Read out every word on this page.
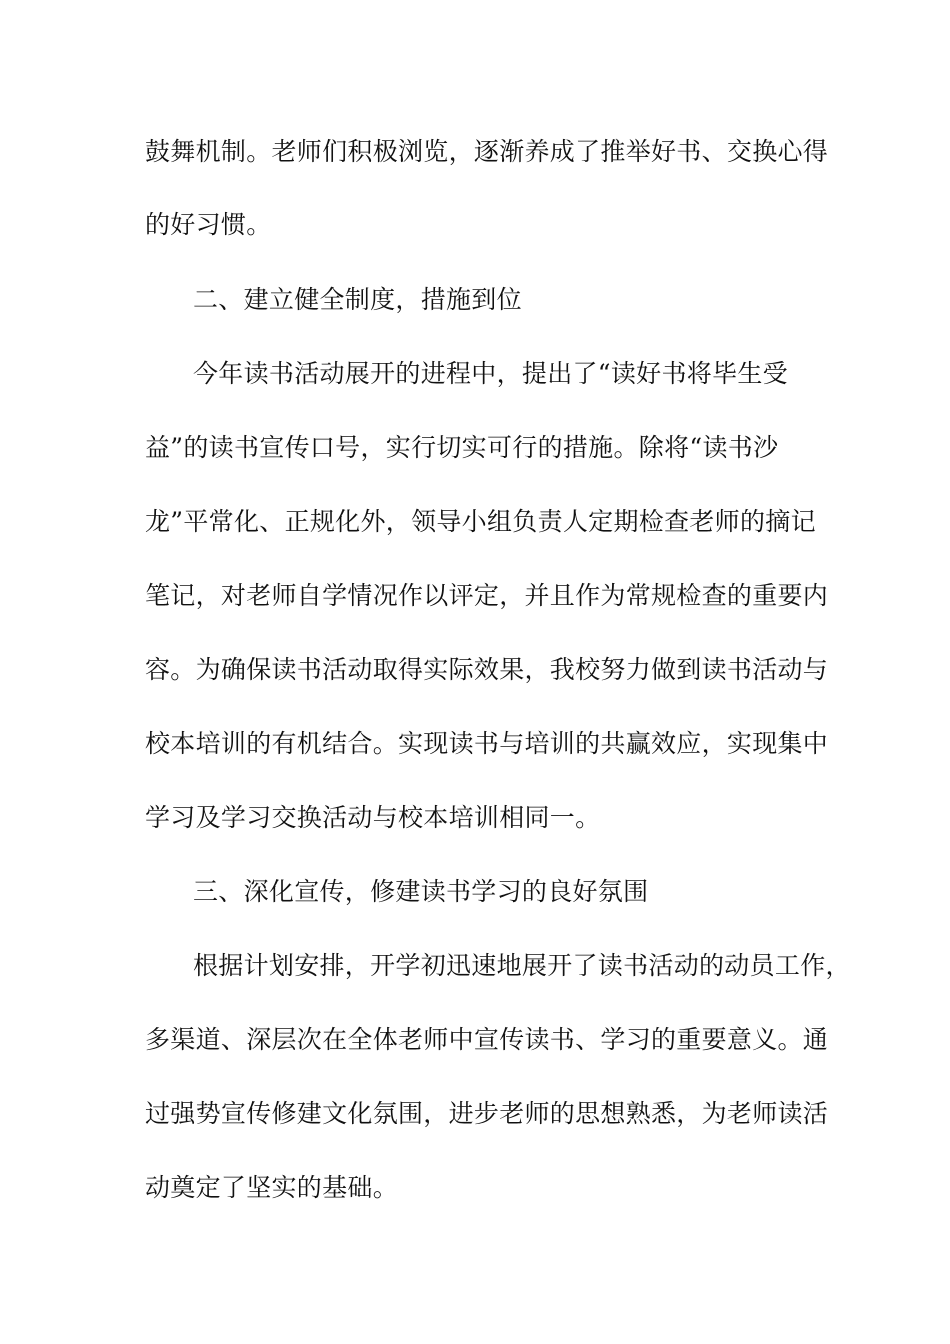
鼓舞机制。老师们积极浏览，逐渐养成了推举好书、交换心得
的好习惯。
二、建立健全制度，措施到位
今年读书活动展开的进程中，提出了“读好书将毕生受
益”的读书宣传口号，实行切实可行的措施。除将“读书沙
龙”平常化、正规化外，领导小组负责人定期检查老师的摘记
笔记，对老师自学情况作以评定，并且作为常规检查的重要内
容。为确保读书活动取得实际效果，我校努力做到读书活动与
校本培训的有机结合。实现读书与培训的共赢效应，实现集中
学习及学习交换活动与校本培训相同一。
三、深化宣传，修建读书学习的良好氛围
根据计划安排，开学初迅速地展开了读书活动的动员工作，
多渠道、深层次在全体老师中宣传读书、学习的重要意义。通
过强势宣传修建文化氛围，进步老师的思想熟悉，为老师读活
动奠定了坚实的基础。
